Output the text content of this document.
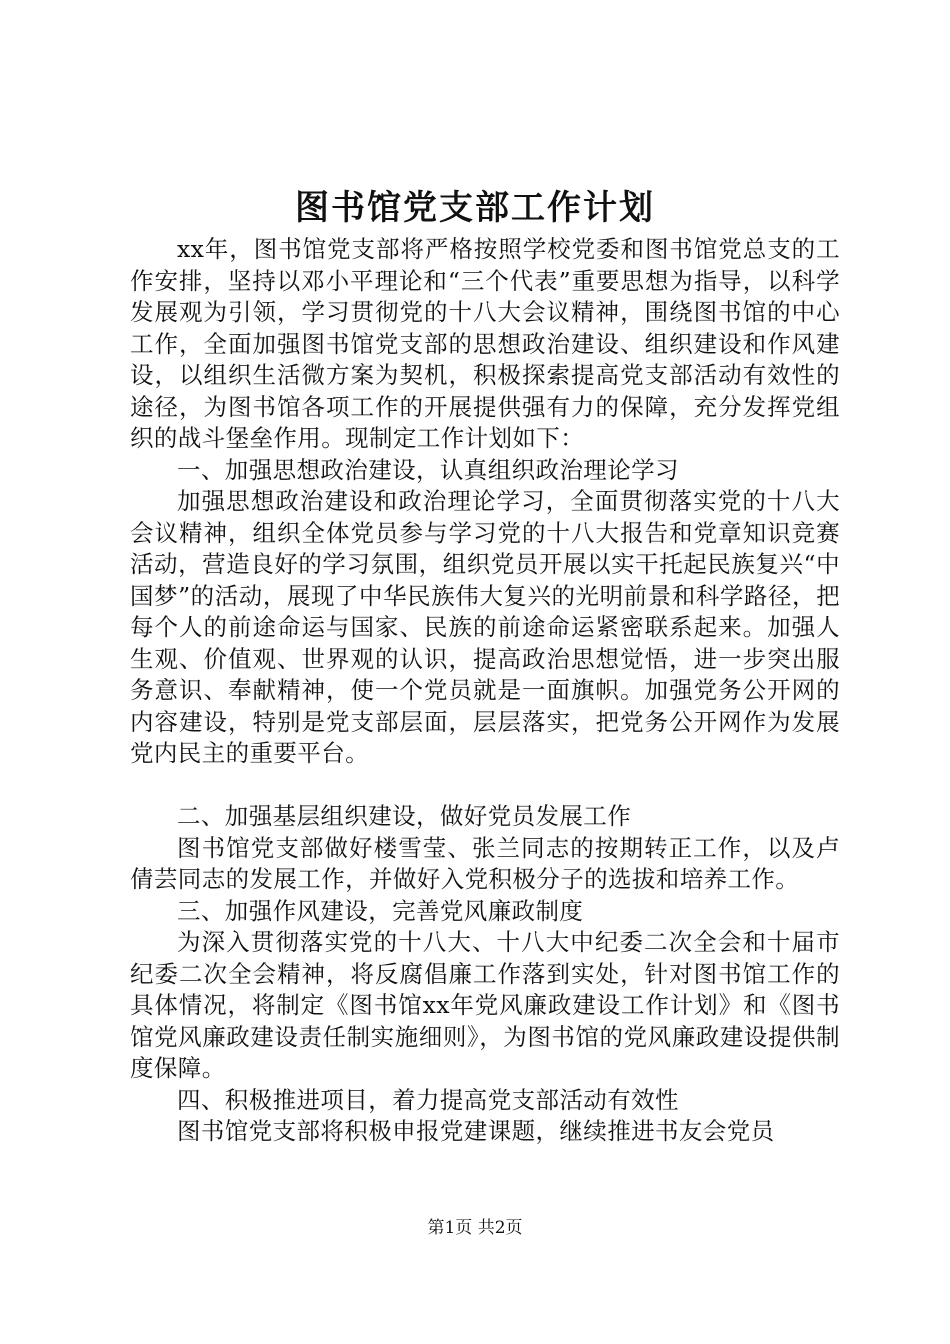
图书馆党支部工作计划

xx年，图书馆党支部将严格按照学校党委和图书馆党总支的工作安排，坚持以邓小平理论和“三个代表”重要思想为指导，以科学发展观为引领，学习贯彻党的十八大会议精神，围绕图书馆的中心工作，全面加强图书馆党支部的思想政治建设、组织建设和作风建设，以组织生活微方案为契机，积极探索提高党支部活动有效性的途径，为图书馆各项工作的开展提供强有力的保障，充分发挥党组织的战斗堡垒作用。现制定工作计划如下：

一、加强思想政治建设，认真组织政治理论学习

加强思想政治建设和政治理论学习，全面贯彻落实党的十八大会议精神，组织全体党员参与学习党的十八大报告和党章知识竞赛活动，营造良好的学习氛围，组织党员开展以实干托起民族复兴“中国梦”的活动，展现了中华民族伟大复兴的光明前景和科学路径，把每个人的前途命运与国家、民族的前途命运紧密联系起来。加强人生观、价值观、世界观的认识，提高政治思想觉悟，进一步突出服务意识、奉献精神，使一个党员就是一面旗帜。加强党务公开网的内容建设，特别是党支部层面，层层落实，把党务公开网作为发展党内民主的重要平台。

二、加强基层组织建设，做好党员发展工作

图书馆党支部做好楼雪莹、张兰同志的按期转正工作，以及卢倩芸同志的发展工作，并做好入党积极分子的选拔和培养工作。

三、加强作风建设，完善党风廉政制度

为深入贯彻落实党的十八大、十八大中纪委二次全会和十届市纪委二次全会精神，将反腐倡廉工作落到实处，针对图书馆工作的具体情况，将制定《图书馆xx年党风廉政建设工作计划》和《图书馆党风廉政建设责任制实施细则》，为图书馆的党风廉政建设提供制度保障。

四、积极推进项目，着力提高党支部活动有效性

图书馆党支部将积极申报党建课题，继续推进书友会党员

第1页 共2页
